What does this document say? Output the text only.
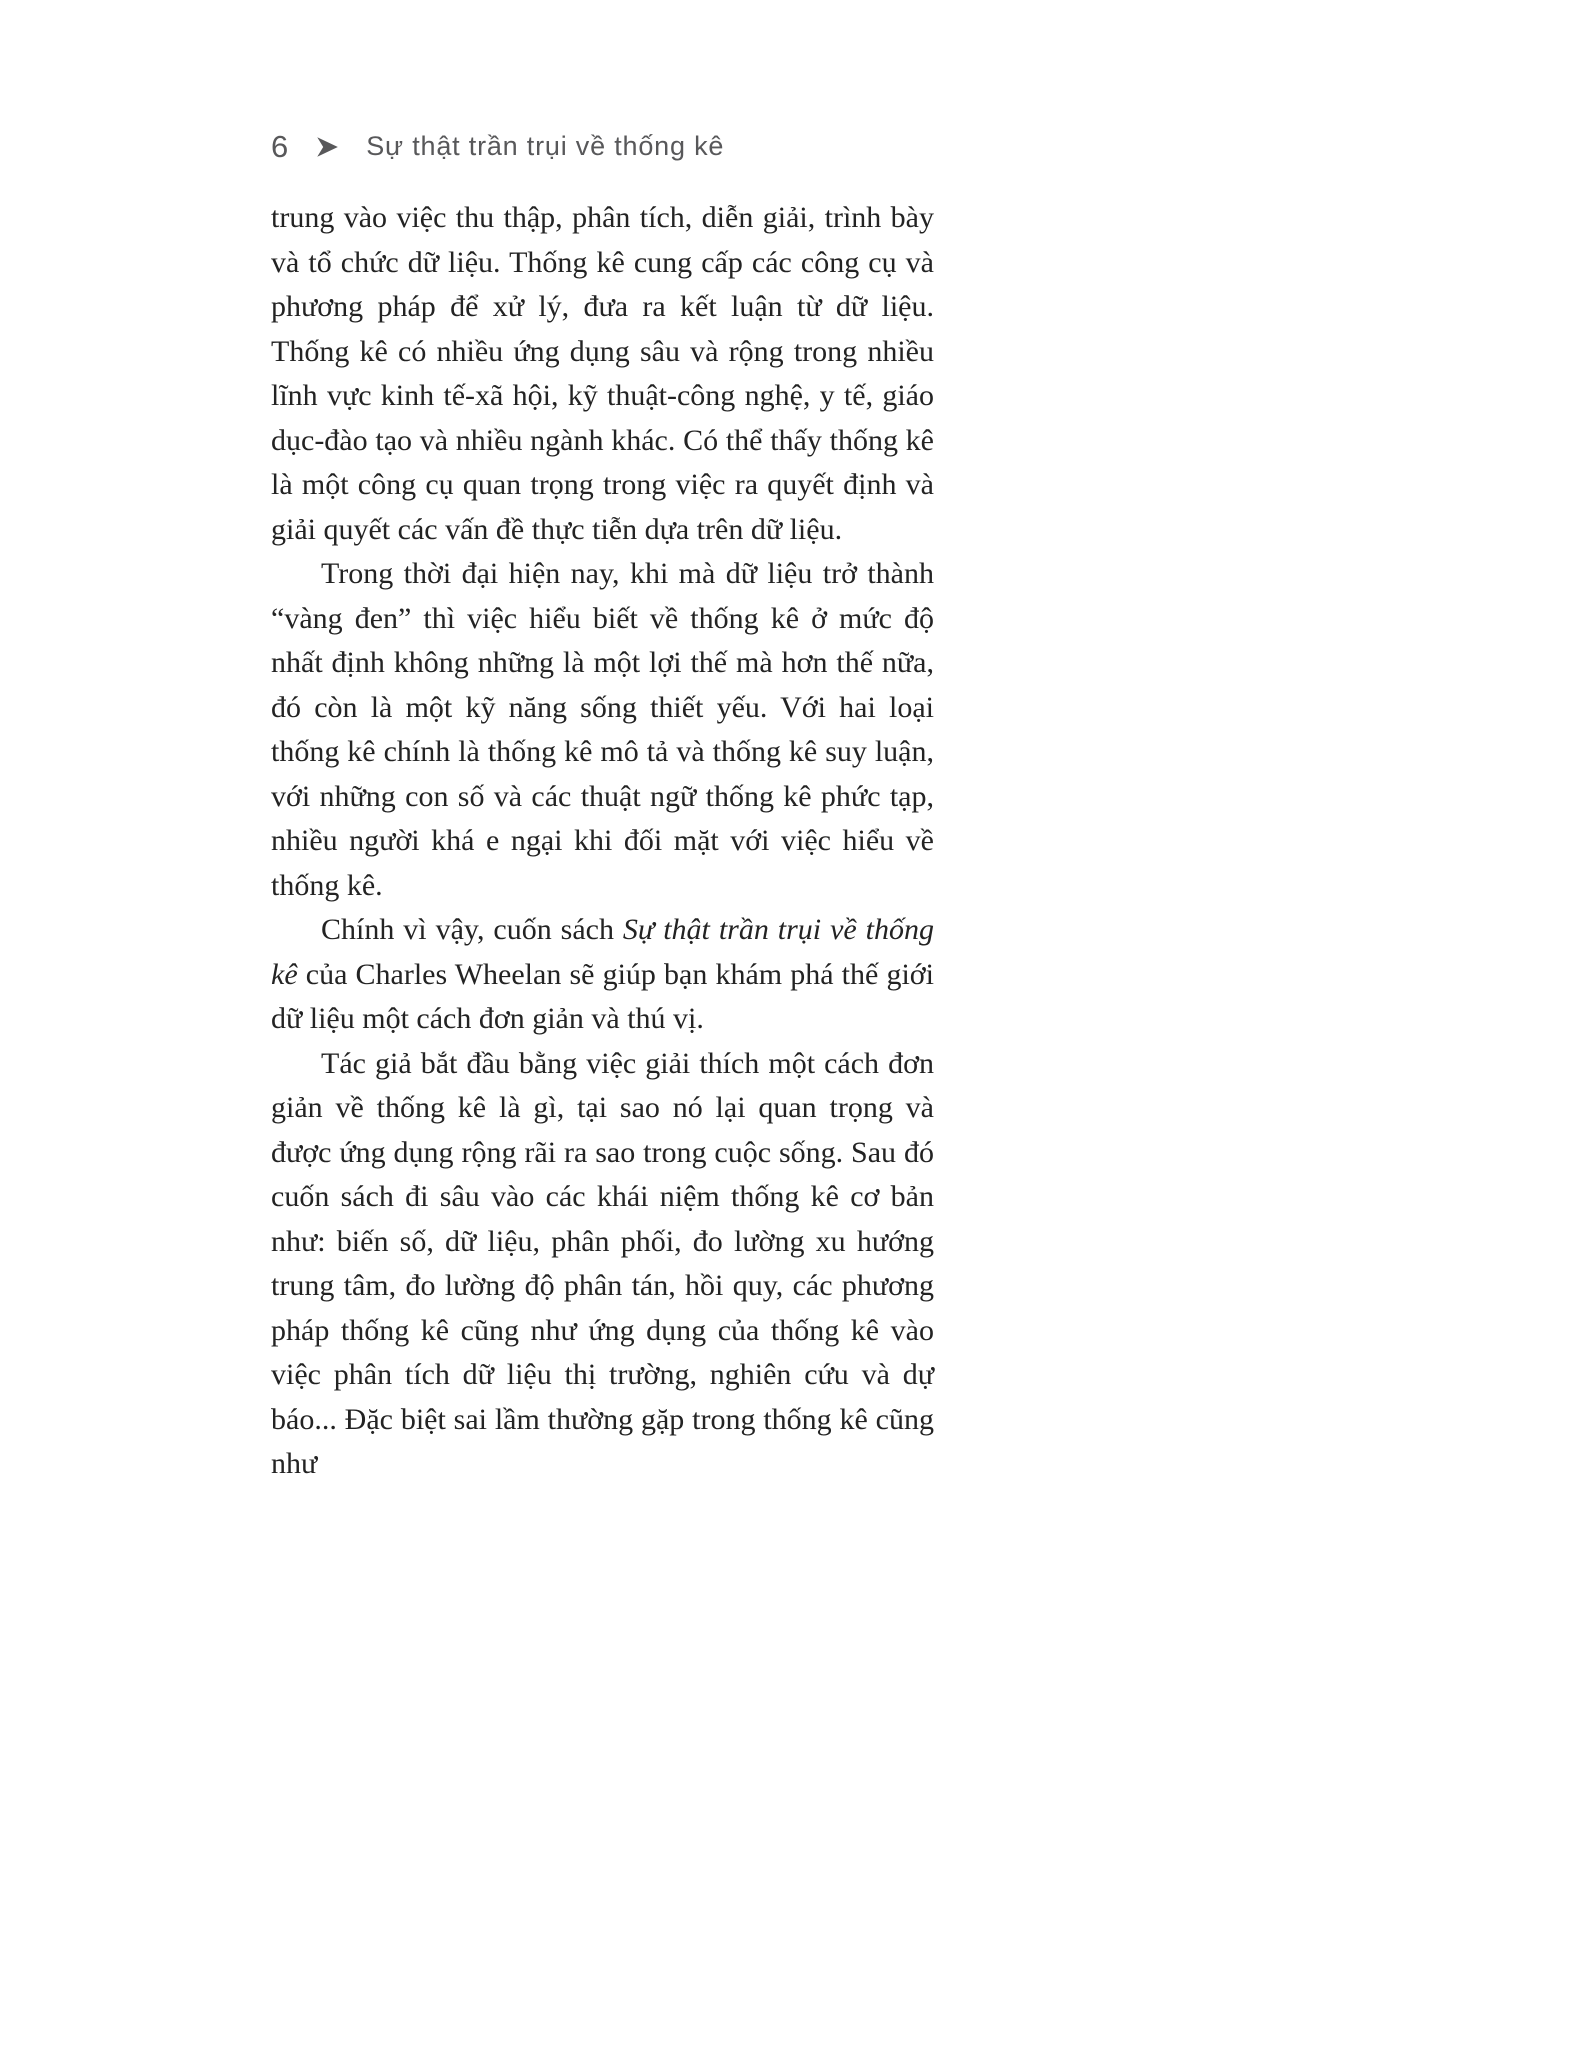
6	Sự thật trần trụi về thống kê

trung vào việc thu thập, phân tích, diễn giải, trình bày và tổ chức dữ liệu. Thống kê cung cấp các công cụ và phương pháp để xử lý, đưa ra kết luận từ dữ liệu. Thống kê có nhiều ứng dụng sâu và rộng trong nhiều lĩnh vực kinh tế-xã hội, kỹ thuật-công nghệ, y tế, giáo dục-đào tạo và nhiều ngành khác. Có thể thấy thống kê là một công cụ quan trọng trong việc ra quyết định và giải quyết các vấn đề thực tiễn dựa trên dữ liệu.

Trong thời đại hiện nay, khi mà dữ liệu trở thành “vàng đen” thì việc hiểu biết về thống kê ở mức độ nhất định không những là một lợi thế mà hơn thế nữa, đó còn là một kỹ năng sống thiết yếu. Với hai loại thống kê chính là thống kê mô tả và thống kê suy luận, với những con số và các thuật ngữ thống kê phức tạp, nhiều người khá e ngại khi đối mặt với việc hiểu về thống kê.

Chính vì vậy, cuốn sách Sự thật trần trụi về thống kê của Charles Wheelan sẽ giúp bạn khám phá thế giới dữ liệu một cách đơn giản và thú vị.

Tác giả bắt đầu bằng việc giải thích một cách đơn giản về thống kê là gì, tại sao nó lại quan trọng và được ứng dụng rộng rãi ra sao trong cuộc sống. Sau đó cuốn sách đi sâu vào các khái niệm thống kê cơ bản như: biến số, dữ liệu, phân phối, đo lường xu hướng trung tâm, đo lường độ phân tán, hồi quy, các phương pháp thống kê cũng như ứng dụng của thống kê vào việc phân tích dữ liệu thị trường, nghiên cứu và dự báo... Đặc biệt sai lầm thường gặp trong thống kê cũng như
